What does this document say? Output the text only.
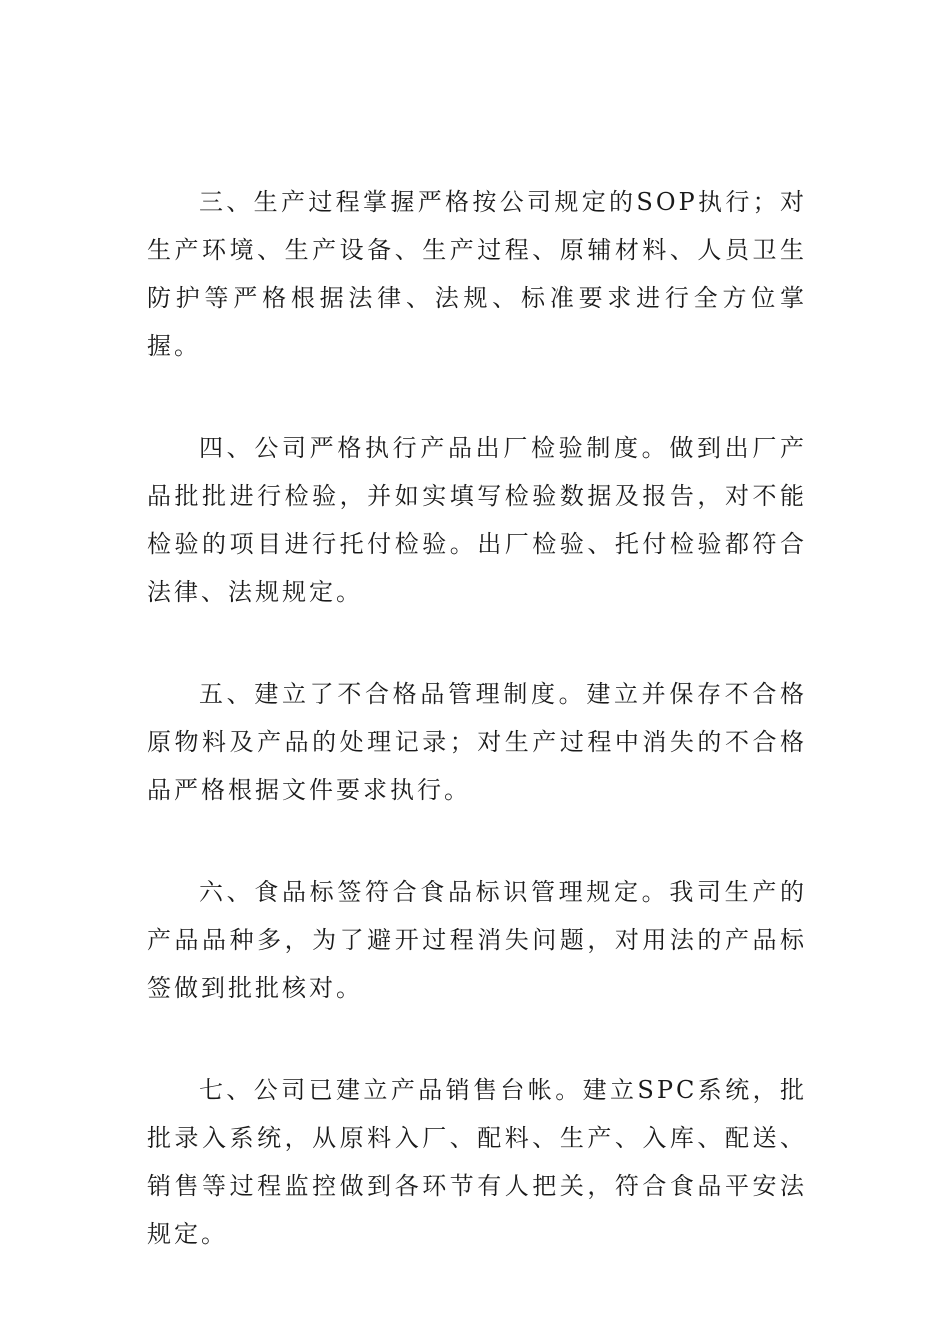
三、生产过程掌握严格按公司规定的SOP执行；对生产环境、生产设备、生产过程、原辅材料、人员卫生防护等严格根据法律、法规、标准要求进行全方位掌握。

四、公司严格执行产品出厂检验制度。做到出厂产品批批进行检验，并如实填写检验数据及报告，对不能检验的项目进行托付检验。出厂检验、托付检验都符合法律、法规规定。

五、建立了不合格品管理制度。建立并保存不合格原物料及产品的处理记录；对生产过程中消失的不合格品严格根据文件要求执行。

六、食品标签符合食品标识管理规定。我司生产的产品品种多，为了避开过程消失问题，对用法的产品标签做到批批核对。

七、公司已建立产品销售台帐。建立SPC系统，批批录入系统，从原料入厂、配料、生产、入库、配送、销售等过程监控做到各环节有人把关，符合食品平安法规定。
